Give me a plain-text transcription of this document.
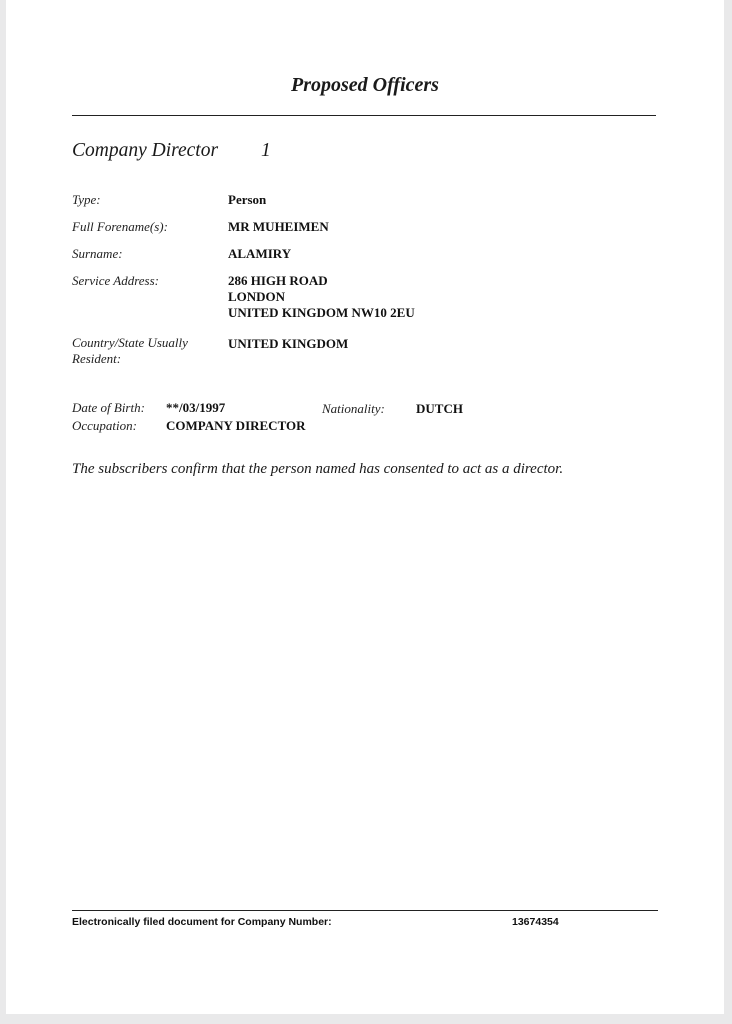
Proposed Officers
Company Director 1
Type:	Person
Full Forename(s):	MR MUHEIMEN
Surname:	ALAMIRY
Service Address:	286 HIGH ROAD
LONDON
UNITED KINGDOM NW10 2EU
Country/State Usually
Resident:
UNITED KINGDOM
Date of Birth: **/03/1997	Nationality: DUTCH
Occupation: COMPANY DIRECTOR
The subscribers confirm that the person named has consented to act as a director.
Electronically filed document for Company Number:	13674354
